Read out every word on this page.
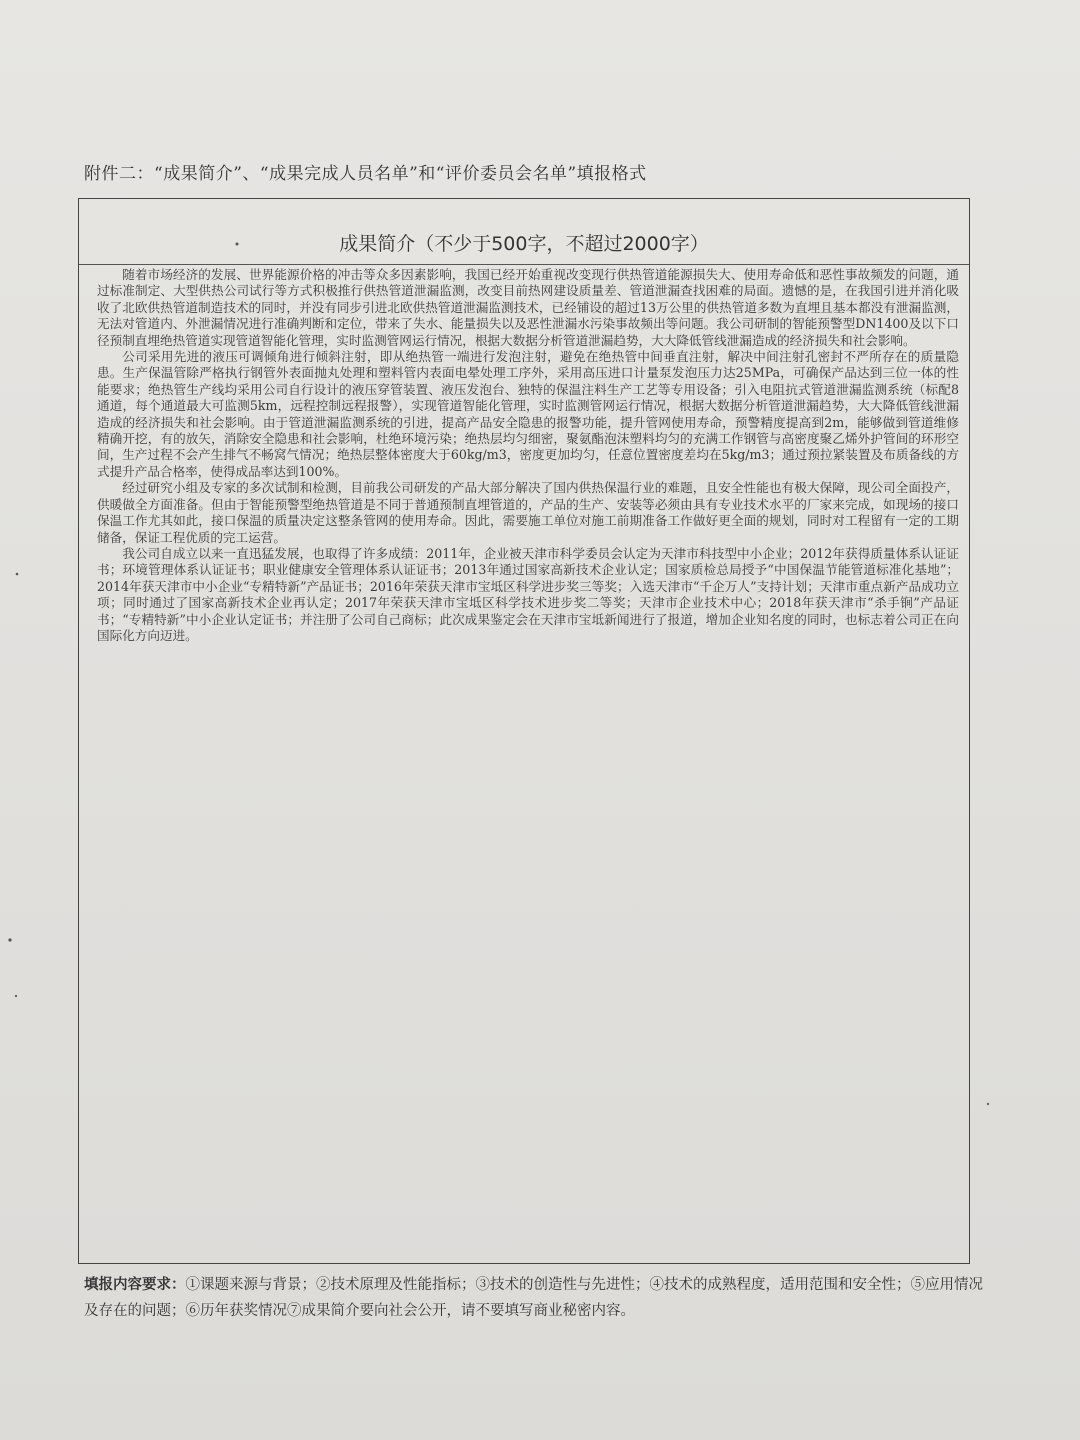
附件二：“成果简介”、“成果完成人员名单”和“评价委员会名单”填报格式
成果简介（不少于500字，不超过2000字）

随着市场经济的发展、世界能源价格的冲击等众多因素影响，我国已经开始重视改变现行供热管道能源损失大、使用寿命低和恶性事故频发的问题，通过标准制定、大型供热公司试行等方式积极推行供热管道泄漏监测，改变目前热网建设质量差、管道泄漏查找困难的局面。遗憾的是，在我国引进并消化吸收了北欧供热管道制造技术的同时，并没有同步引进北欧供热管道泄漏监测技术，已经铺设的超过13万公里的供热管道多数为直埋且基本都没有泄漏监测，无法对管道内、外泄漏情况进行准确判断和定位，带来了失水、能量损失以及恶性泄漏水污染事故频出等问题。我公司研制的智能预警型DN1400及以下口径预制直埋绝热管道实现管道智能化管理，实时监测管网运行情况，根据大数据分析管道泄漏趋势，大大降低管线泄漏造成的经济损失和社会影响。

公司采用先进的液压可调倾角进行倾斜注射，即从绝热管一端进行发泡注射，避免在绝热管中间垂直注射，解决中间注射孔密封不严所存在的质量隐患。生产保温管除严格执行钢管外表面抛丸处理和塑料管内表面电晕处理工序外，采用高压进口计量泵发泡压力达25MPa，可确保产品达到三位一体的性能要求；绝热管生产线均采用公司自行设计的液压穿管装置、液压发泡台、独特的保温注料生产工艺等专用设备；引入电阻抗式管道泄漏监测系统（标配8通道，每个通道最大可监测5km，远程控制远程报警），实现管道智能化管理，实时监测管网运行情况，根据大数据分析管道泄漏趋势，大大降低管线泄漏造成的经济损失和社会影响。由于管道泄漏监测系统的引进，提高产品安全隐患的报警功能，提升管网使用寿命，预警精度提高到2m，能够做到管道维修精确开挖，有的放矢，消除安全隐患和社会影响，杜绝环境污染；绝热层均匀细密，聚氨酯泡沫塑料均匀的充满工作钢管与高密度聚乙烯外护管间的环形空间，生产过程不会产生排气不畅窝气情况；绝热层整体密度大于60kg/m3，密度更加均匀，任意位置密度差均在5kg/m3；通过预拉紧装置及布质备线的方式提升产品合格率，使得成品率达到100%。

经过研究小组及专家的多次试制和检测，目前我公司研发的产品大部分解决了国内供热保温行业的难题，且安全性能也有极大保障，现公司全面投产，供暖做全方面准备。但由于智能预警型绝热管道是不同于普通预制直埋管道的，产品的生产、安装等必须由具有专业技术水平的厂家来完成，如现场的接口保温工作尤其如此，接口保温的质量决定这整条管网的使用寿命。因此，需要施工单位对施工前期准备工作做好更全面的规划，同时对工程留有一定的工期储备，保证工程优质的完工运营。

我公司自成立以来一直迅猛发展，也取得了许多成绩：2011年，企业被天津市科学委员会认定为天津市科技型中小企业；2012年获得质量体系认证证书；环境管理体系认证证书；职业健康安全管理体系认证证书；2013年通过国家高新技术企业认定；国家质检总局授予“中国保温节能管道标准化基地”；2014年获天津市中小企业“专精特新”产品证书；2016年荣获天津市宝坻区科学进步奖三等奖；入选天津市“千企万人”支持计划；天津市重点新产品成功立项；同时通过了国家高新技术企业再认定；2017年荣获天津市宝坻区科学技术进步奖二等奖；天津市企业技术中心；2018年获天津市“杀手锏”产品证书；“专精特新”中小企业认定证书；并注册了公司自己商标；此次成果鉴定会在天津市宝坻新闻进行了报道，增加企业知名度的同时，也标志着公司正在向国际化方向迈进。

填报内容要求：①课题来源与背景；②技术原理及性能指标；③技术的创造性与先进性；④技术的成熟程度，适用范围和安全性；⑤应用情况及存在的问题；⑥历年获奖情况⑦成果简介要向社会公开，请不要填写商业秘密内容。
